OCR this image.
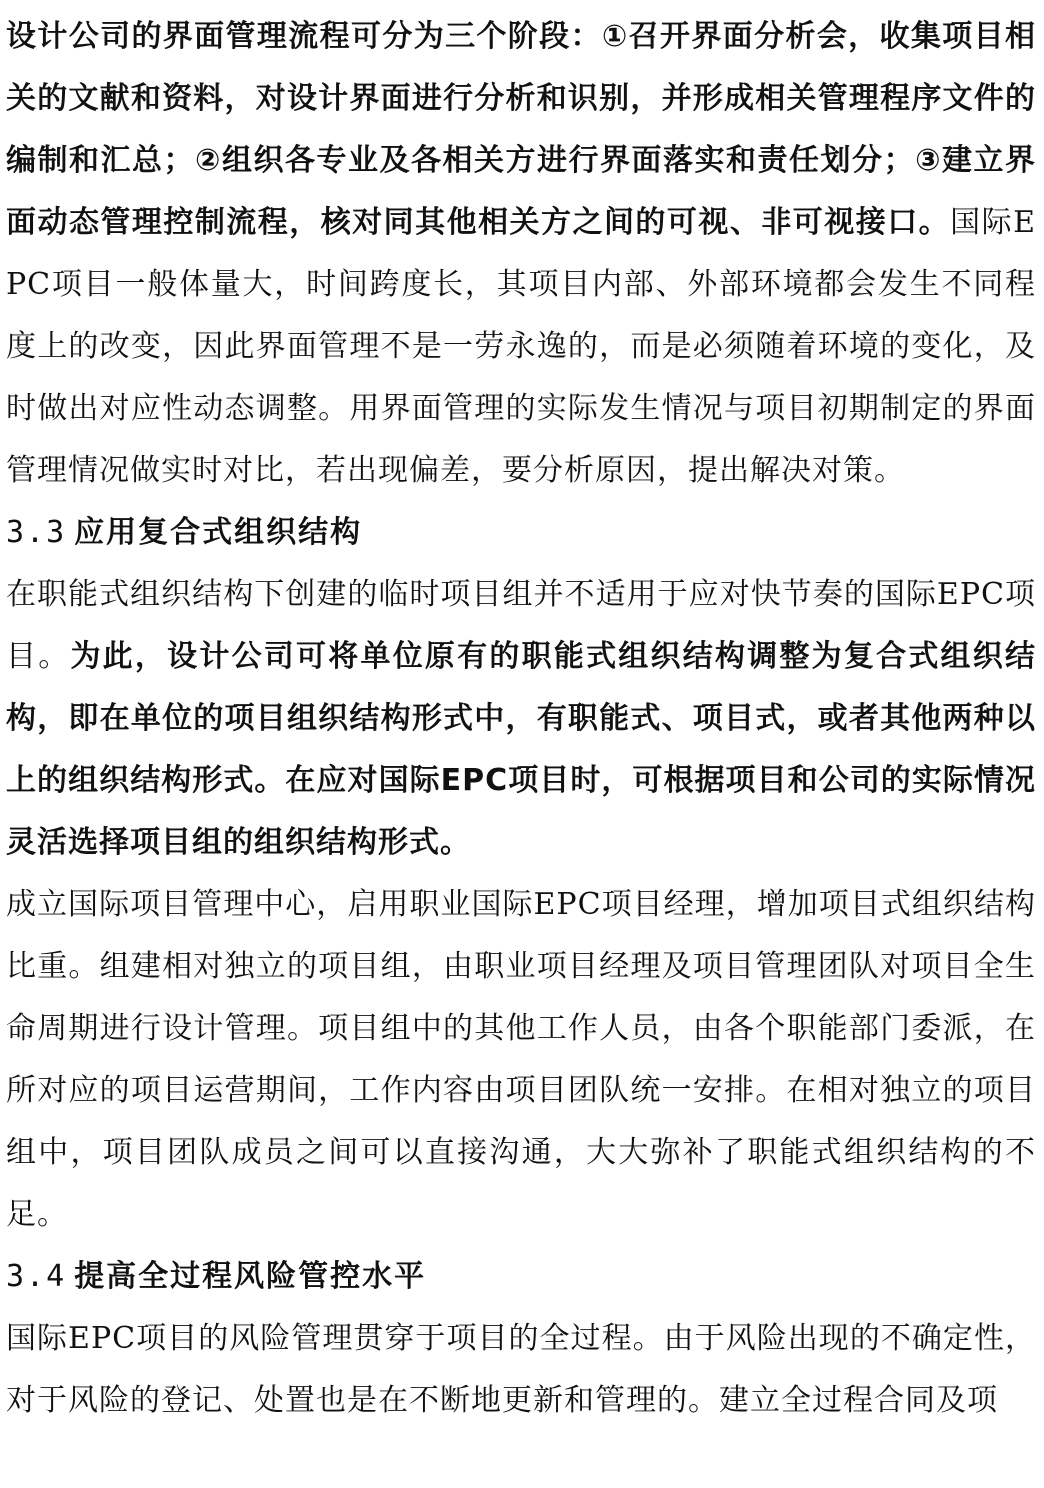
设计公司的界面管理流程可分为三个阶段：①召开界面分析会，收集项目相关的文献和资料，对设计界面进行分析和识别，并形成相关管理程序文件的编制和汇总；②组织各专业及各相关方进行界面落实和责任划分；③建立界面动态管理控制流程，核对同其他相关方之间的可视、非可视接口。国际EPC项目一般体量大，时间跨度长，其项目内部、外部环境都会发生不同程度上的改变，因此界面管理不是一劳永逸的，而是必须随着环境的变化，及时做出对应性动态调整。用界面管理的实际发生情况与项目初期制定的界面管理情况做实时对比，若出现偏差，要分析原因，提出解决对策。

3.3 应用复合式组织结构

在职能式组织结构下创建的临时项目组并不适用于应对快节奏的国际EPC项目。为此，设计公司可将单位原有的职能式组织结构调整为复合式组织结构，即在单位的项目组织结构形式中，有职能式、项目式，或者其他两种以上的组织结构形式。在应对国际EPC项目时，可根据项目和公司的实际情况灵活选择项目组的组织结构形式。

成立国际项目管理中心，启用职业国际EPC项目经理，增加项目式组织结构比重。组建相对独立的项目组，由职业项目经理及项目管理团队对项目全生命周期进行设计管理。项目组中的其他工作人员，由各个职能部门委派，在所对应的项目运营期间，工作内容由项目团队统一安排。在相对独立的项目组中，项目团队成员之间可以直接沟通，大大弥补了职能式组织结构的不足。

3.4 提高全过程风险管控水平

国际EPC项目的风险管理贯穿于项目的全过程。由于风险出现的不确定性，对于风险的登记、处置也是在不断地更新和管理的。建立全过程合同及项
